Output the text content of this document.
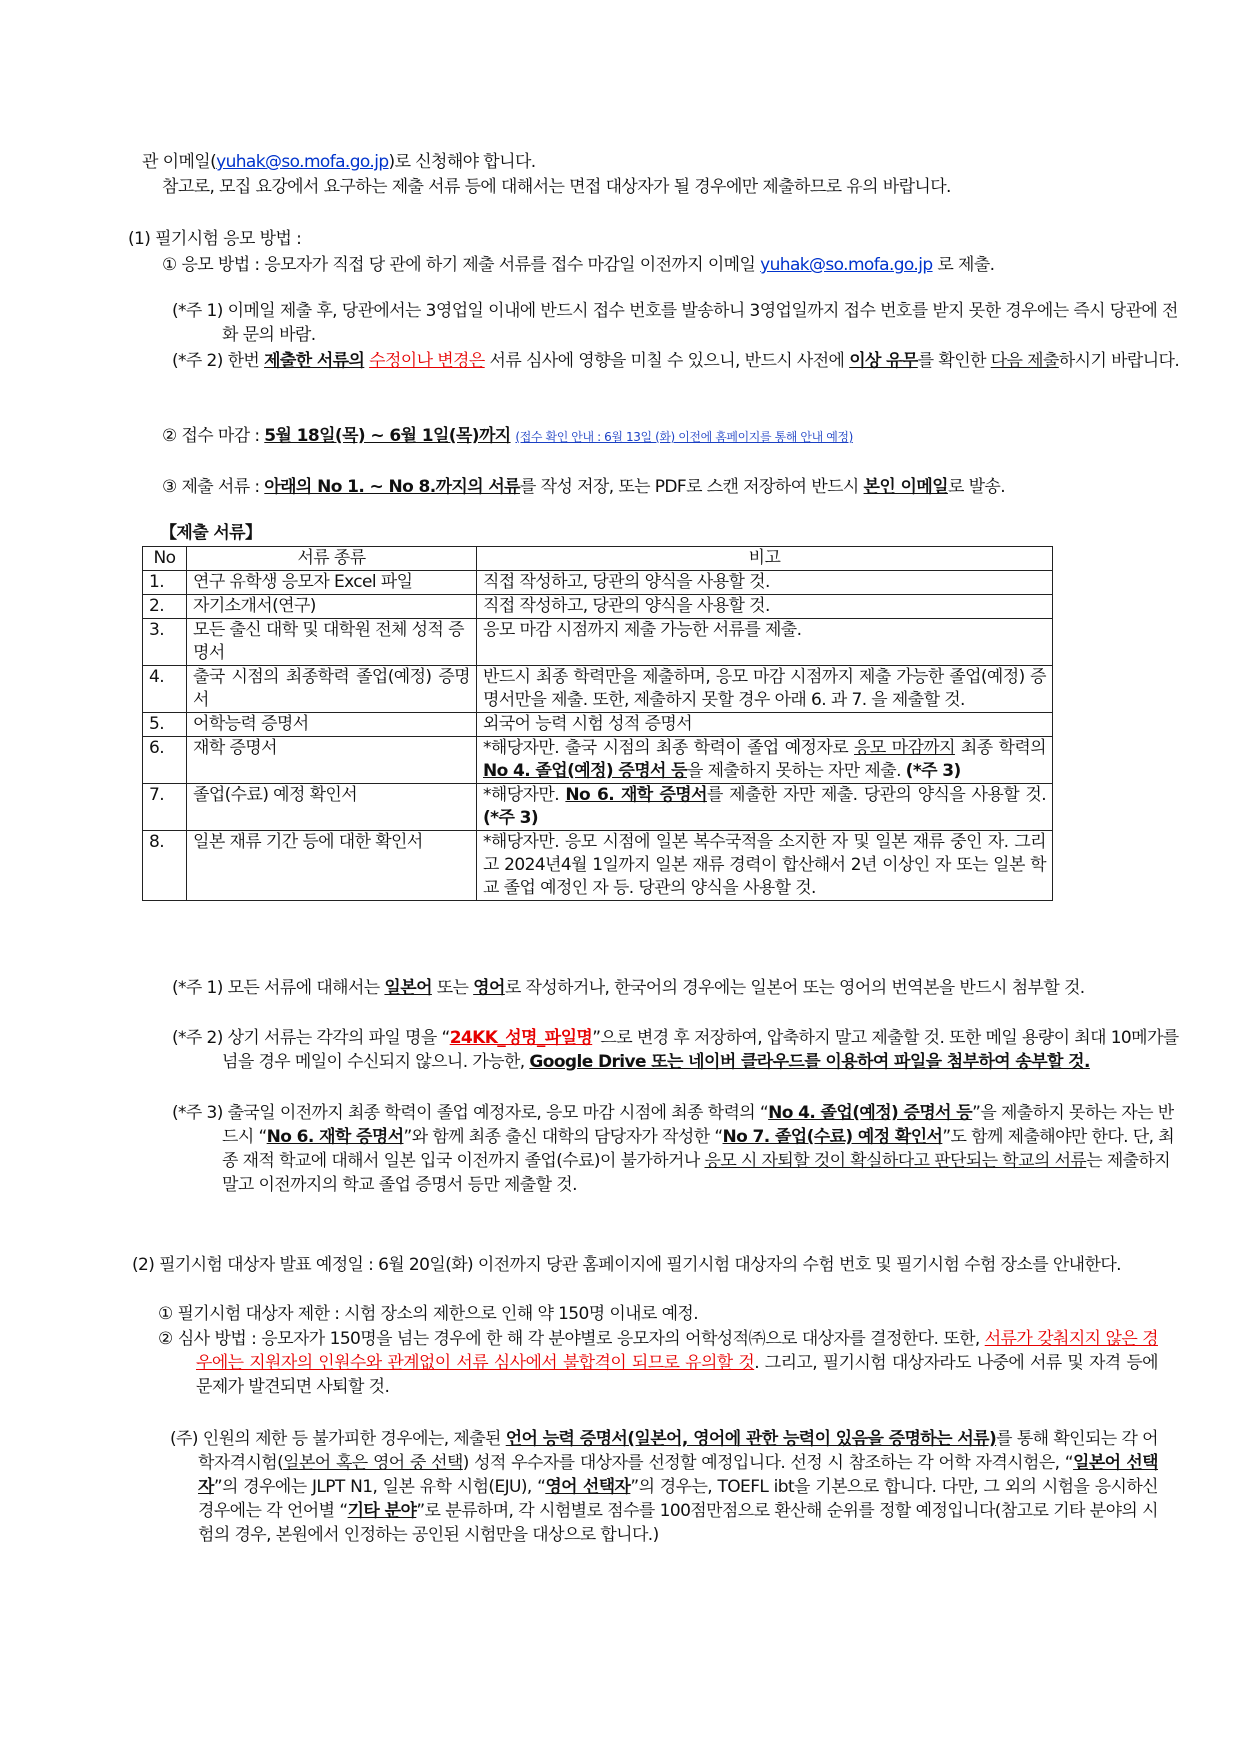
관 이메일(yuhak@so.mofa.go.jp)로 신청해야 합니다.
참고로, 모집 요강에서 요구하는 제출 서류 등에 대해서는 면접 대상자가 될 경우에만 제출하므로 유의 바랍니다.
(1) 필기시험 응모 방법 :
① 응모 방법 : 응모자가 직접 당 관에 하기 제출 서류를 접수 마감일 이전까지 이메일 yuhak@so.mofa.go.jp 로 제출.
(*주 1) 이메일 제출 후, 당관에서는 3영업일 이내에 반드시 접수 번호를 발송하니 3영업일까지 접수 번호를 받지 못한 경우에는 즉시 당관에 전화 문의 바람.
(*주 2) 한번 제출한 서류의 수정이나 변경은 서류 심사에 영향을 미칠 수 있으니, 반드시 사전에 이상 유무를 확인한 다음 제출하시기 바랍니다.
② 접수 마감 : 5월 18일(목) ~ 6월 1일(목)까지 (접수 확인 안내 : 6월 13일 (화) 이전에 홈페이지를 통해 안내 예정)
③ 제출 서류 : 아래의 No 1. ~ No 8.까지의 서류를 작성 저장, 또는 PDF로 스캔 저장하여 반드시 본인 이메일로 발송.
【제출 서류】
No	서류 종류	비고
1.	연구 유학생 응모자 Excel 파일	직접 작성하고, 당관의 양식을 사용할 것.
2.	자기소개서(연구)	직접 작성하고, 당관의 양식을 사용할 것.
3.	모든 출신 대학 및 대학원 전체 성적 증명서	응모 마감 시점까지 제출 가능한 서류를 제출.
4.	출국 시점의 최종학력 졸업(예정) 증명서	반드시 최종 학력만을 제출하며, 응모 마감 시점까지 제출 가능한 졸업(예정) 증명서만을 제출. 또한, 제출하지 못할 경우 아래 6. 과 7. 을 제출할 것.
5.	어학능력 증명서	외국어 능력 시험 성적 증명서
6.	재학 증명서	*해당자만. 출국 시점의 최종 학력이 졸업 예정자로 응모 마감까지 최종 학력의 No 4. 졸업(예정) 증명서 등을 제출하지 못하는 자만 제출. (*주 3)
7.	졸업(수료) 예정 확인서	*해당자만. No 6. 재학 증명서를 제출한 자만 제출. 당관의 양식을 사용할 것. (*주 3)
8.	일본 재류 기간 등에 대한 확인서	*해당자만. 응모 시점에 일본 복수국적을 소지한 자 및 일본 재류 중인 자. 그리고 2024년4월 1일까지 일본 재류 경력이 합산해서 2년 이상인 자 또는 일본 학교 졸업 예정인 자 등. 당관의 양식을 사용할 것.
(*주 1) 모든 서류에 대해서는 일본어 또는 영어로 작성하거나, 한국어의 경우에는 일본어 또는 영어의 번역본을 반드시 첨부할 것.
(*주 2) 상기 서류는 각각의 파일 명을 “24KK_성명_파일명”으로 변경 후 저장하여, 압축하지 말고 제출할 것. 또한 메일 용량이 최대 10메가를 넘을 경우 메일이 수신되지 않으니. 가능한, Google Drive 또는 네이버 클라우드를 이용하여 파일을 첨부하여 송부할 것.
(*주 3) 출국일 이전까지 최종 학력이 졸업 예정자로, 응모 마감 시점에 최종 학력의 “No 4. 졸업(예정) 증명서 등”을 제출하지 못하는 자는 반드시 “No 6. 재학 증명서”와 함께 최종 출신 대학의 담당자가 작성한 “No 7. 졸업(수료) 예정 확인서”도 함께 제출해야만 한다. 단, 최종 재적 학교에 대해서 일본 입국 이전까지 졸업(수료)이 불가하거나 응모 시 자퇴할 것이 확실하다고 판단되는 학교의 서류는 제출하지 말고 이전까지의 학교 졸업 증명서 등만 제출할 것.
(2) 필기시험 대상자 발표 예정일 : 6월 20일(화) 이전까지 당관 홈페이지에 필기시험 대상자의 수험 번호 및 필기시험 수험 장소를 안내한다.
① 필기시험 대상자 제한 : 시험 장소의 제한으로 인해 약 150명 이내로 예정.
② 심사 방법 : 응모자가 150명을 넘는 경우에 한 해 각 분야별로 응모자의 어학성적㈜으로 대상자를 결정한다. 또한, 서류가 갖춰지지 않은 경우에는 지원자의 인원수와 관계없이 서류 심사에서 불합격이 되므로 유의할 것. 그리고, 필기시험 대상자라도 나중에 서류 및 자격 등에 문제가 발견되면 사퇴할 것.
(주) 인원의 제한 등 불가피한 경우에는, 제출된 언어 능력 증명서(일본어, 영어에 관한 능력이 있음을 증명하는 서류)를 통해 확인되는 각 어학자격시험(일본어 혹은 영어 중 선택) 성적 우수자를 대상자를 선정할 예정입니다. 선정 시 참조하는 각 어학 자격시험은, “일본어 선택자”의 경우에는 JLPT N1, 일본 유학 시험(EJU), “영어 선택자”의 경우는, TOEFL ibt을 기본으로 합니다. 다만, 그 외의 시험을 응시하신 경우에는 각 언어별 “기타 분야”로 분류하며, 각 시험별로 점수를 100점만점으로 환산해 순위를 정할 예정입니다(참고로 기타 분야의 시험의 경우, 본원에서 인정하는 공인된 시험만을 대상으로 합니다.)
